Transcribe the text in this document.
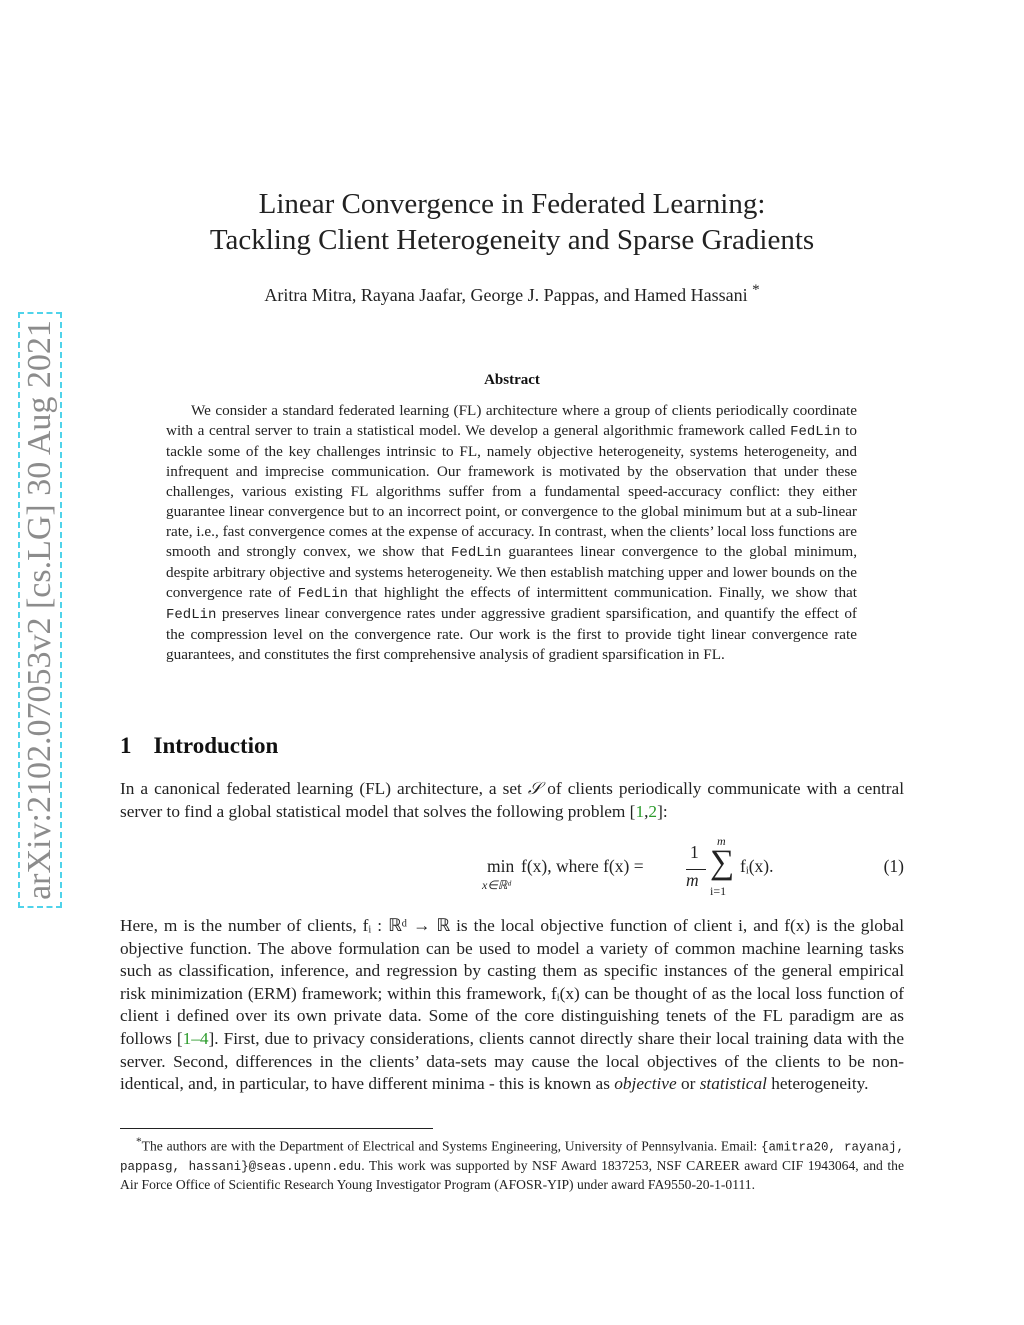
arXiv:2102.07053v2 [cs.LG] 30 Aug 2021
Linear Convergence in Federated Learning:
Tackling Client Heterogeneity and Sparse Gradients
Aritra Mitra, Rayana Jaafar, George J. Pappas, and Hamed Hassani *
Abstract

We consider a standard federated learning (FL) architecture where a group of clients periodically coordinate with a central server to train a statistical model. We develop a general algorithmic framework called FedLin to tackle some of the key challenges intrinsic to FL, namely objective heterogeneity, systems heterogeneity, and infrequent and imprecise communication. Our framework is motivated by the observation that under these challenges, various existing FL algorithms suffer from a fundamental speed-accuracy conflict: they either guarantee linear convergence but to an incorrect point, or convergence to the global minimum but at a sub-linear rate, i.e., fast convergence comes at the expense of accuracy. In contrast, when the clients’ local loss functions are smooth and strongly convex, we show that FedLin guarantees linear convergence to the global minimum, despite arbitrary objective and systems heterogeneity. We then establish matching upper and lower bounds on the convergence rate of FedLin that highlight the effects of intermittent communication. Finally, we show that FedLin preserves linear convergence rates under aggressive gradient sparsification, and quantify the effect of the compression level on the convergence rate. Our work is the first to provide tight linear convergence rate guarantees, and constitutes the first comprehensive analysis of gradient sparsification in FL.

1 Introduction

In a canonical federated learning (FL) architecture, a set 𝒮 of clients periodically communicate with a central server to find a global statistical model that solves the following problem [1,2]:

min
x∈ℝᵈ
f(x), where f(x) =
1
m
m
∑
i=1
fᵢ(x).	(1)

Here, m is the number of clients, fᵢ : ℝᵈ → ℝ is the local objective function of client i, and f(x) is the global objective function. The above formulation can be used to model a variety of common machine learning tasks such as classification, inference, and regression by casting them as specific instances of the general empirical risk minimization (ERM) framework; within this framework, fᵢ(x) can be thought of as the local loss function of client i defined over its own private data. Some of the core distinguishing tenets of the FL paradigm are as follows [1–4]. First, due to privacy considerations, clients cannot directly share their local training data with the server. Second, differences in the clients’ data-sets may cause the local objectives of the clients to be non-identical, and, in particular, to have different minima - this is known as objective or statistical heterogeneity.

*The authors are with the Department of Electrical and Systems Engineering, University of Pennsylvania. Email: {amitra20, rayanaj, pappasg, hassani}@seas.upenn.edu. This work was supported by NSF Award 1837253, NSF CAREER award CIF 1943064, and the Air Force Office of Scientific Research Young Investigator Program (AFOSR-YIP) under award FA9550-20-1-0111.
